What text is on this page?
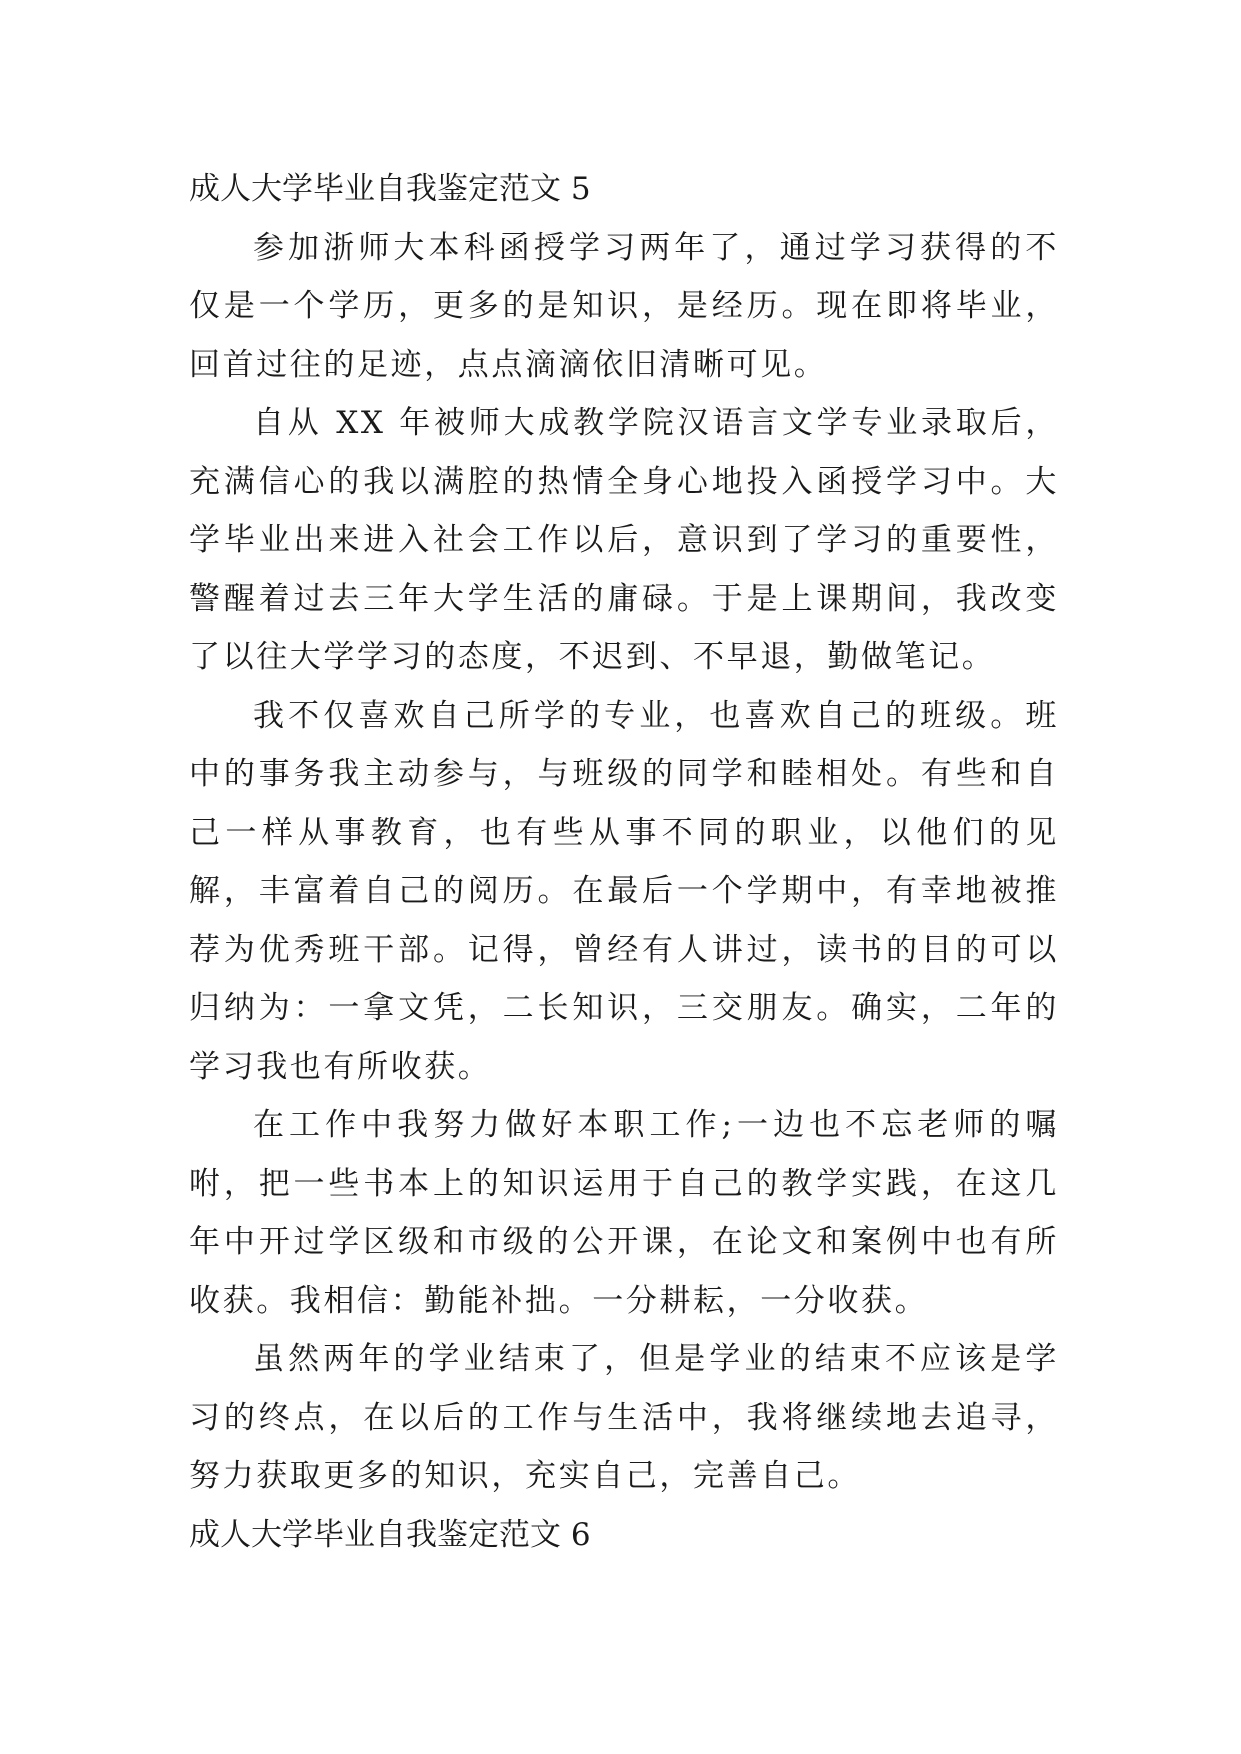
成人大学毕业自我鉴定范文 5

参加浙师大本科函授学习两年了，通过学习获得的不仅是一个学历，更多的是知识，是经历。现在即将毕业，回首过往的足迹，点点滴滴依旧清晰可见。

自从 XX 年被师大成教学院汉语言文学专业录取后，充满信心的我以满腔的热情全身心地投入函授学习中。大学毕业出来进入社会工作以后，意识到了学习的重要性，警醒着过去三年大学生活的庸碌。于是上课期间，我改变了以往大学学习的态度，不迟到、不早退，勤做笔记。

我不仅喜欢自己所学的专业，也喜欢自己的班级。班中的事务我主动参与，与班级的同学和睦相处。有些和自己一样从事教育，也有些从事不同的职业，以他们的见解，丰富着自己的阅历。在最后一个学期中，有幸地被推荐为优秀班干部。记得，曾经有人讲过，读书的目的可以归纳为：一拿文凭，二长知识，三交朋友。确实，二年的学习我也有所收获。

在工作中我努力做好本职工作;一边也不忘老师的嘱咐，把一些书本上的知识运用于自己的教学实践，在这几年中开过学区级和市级的公开课，在论文和案例中也有所收获。我相信：勤能补拙。一分耕耘，一分收获。

虽然两年的学业结束了，但是学业的结束不应该是学习的终点，在以后的工作与生活中，我将继续地去追寻，努力获取更多的知识，充实自己，完善自己。

成人大学毕业自我鉴定范文 6
